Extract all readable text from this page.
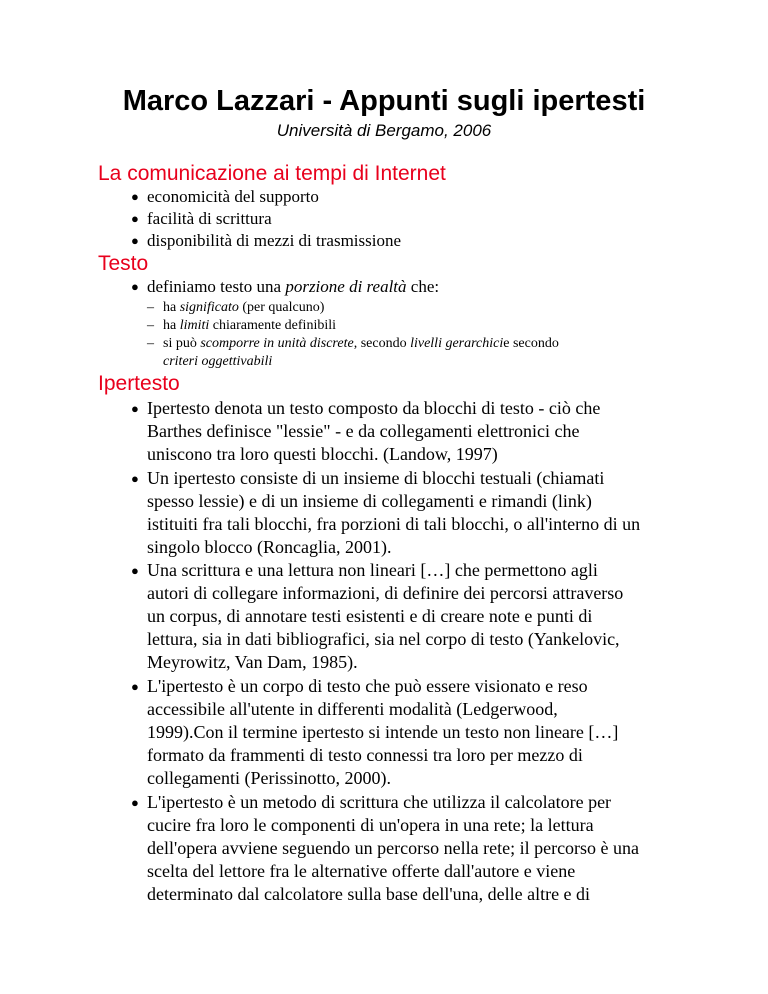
Marco Lazzari - Appunti sugli ipertesti
Università di Bergamo, 2006
La comunicazione ai tempi di Internet
● economicità del supporto
● facilità di scrittura
● disponibilità di mezzi di trasmissione
Testo
● definiamo testo una porzione di realtà che:
– ha significato (per qualcuno)
– ha limiti chiaramente definibili
– si può scomporre in unità discrete, secondo livelli gerarchicie secondo
criteri oggettivabili
Ipertesto
● Ipertesto denota un testo composto da blocchi di testo - ciò che
Barthes definisce "lessie" - e da collegamenti elettronici che
uniscono tra loro questi blocchi. (Landow, 1997)
● Un ipertesto consiste di un insieme di blocchi testuali (chiamati
spesso lessie) e di un insieme di collegamenti e rimandi (link)
istituiti fra tali blocchi, fra porzioni di tali blocchi, o all'interno di un
singolo blocco (Roncaglia, 2001).
● Una scrittura e una lettura non lineari […] che permettono agli
autori di collegare informazioni, di definire dei percorsi attraverso
un corpus, di annotare testi esistenti e di creare note e punti di
lettura, sia in dati bibliografici, sia nel corpo di testo (Yankelovic,
Meyrowitz, Van Dam, 1985).
● L'ipertesto è un corpo di testo che può essere visionato e reso
accessibile all'utente in differenti modalità (Ledgerwood,
1999).Con il termine ipertesto si intende un testo non lineare […]
formato da frammenti di testo connessi tra loro per mezzo di
collegamenti (Perissinotto, 2000).
● L'ipertesto è un metodo di scrittura che utilizza il calcolatore per
cucire fra loro le componenti di un'opera in una rete; la lettura
dell'opera avviene seguendo un percorso nella rete; il percorso è una
scelta del lettore fra le alternative offerte dall'autore e viene
determinato dal calcolatore sulla base dell'una, delle altre e di
